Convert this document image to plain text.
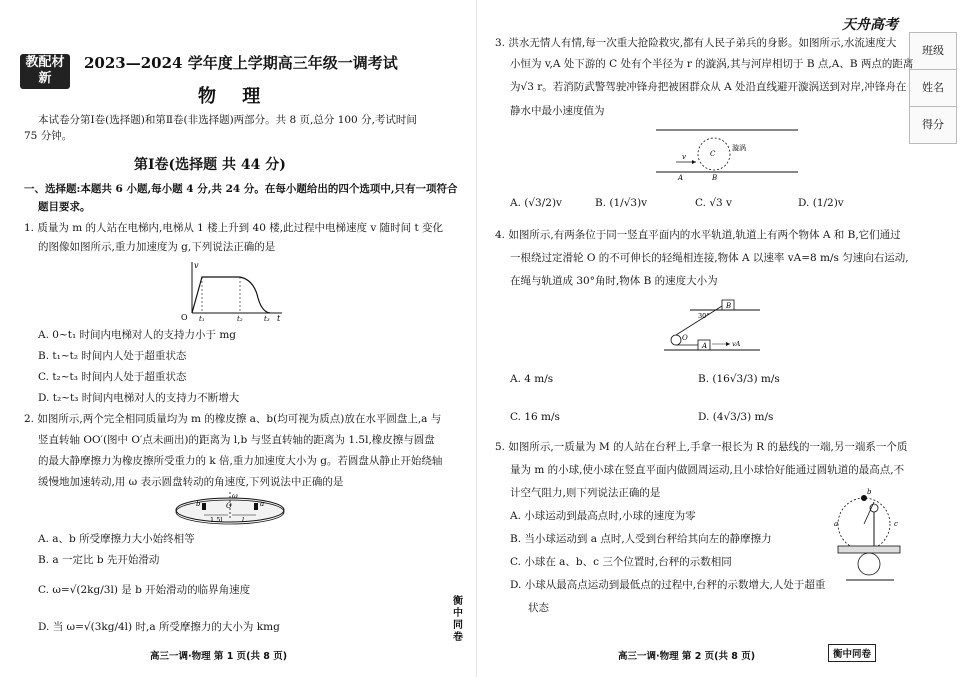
教配材新
2023—2024 学年度上学期高三年级一调考试
物 理
本试卷分第Ⅰ卷(选择题)和第Ⅱ卷(非选择题)两部分。共 8 页,总分 100 分,考试时间
75 分钟。
第Ⅰ卷(选择题 共 44 分)
一、选择题:本题共 6 小题,每小题 4 分,共 24 分。在每小题给出的四个选项中,只有一项符合
题目要求。
1. 质量为 m 的人站在电梯内,电梯从 1 楼上升到 40 楼,此过程中电梯速度 v 随时间 t 变化
的图像如图所示,重力加速度为 g,下列说法正确的是
v
O t₁	t₂	t₃ t
A. 0~t₁ 时间内电梯对人的支持力小于 mg
B. t₁~t₂ 时间内人处于超重状态
C. t₂~t₃ 时间内人处于超重状态
D. t₂~t₃ 时间内电梯对人的支持力不断增大
2. 如图所示,两个完全相同质量均为 m 的橡皮擦 a、b(均可视为质点)放在水平圆盘上,a 与
竖直转轴 OO′(图中 O′点未画出)的距离为 l,b 与竖直转轴的距离为 1.5l,橡皮擦与圆盘
的最大静摩擦力为橡皮擦所受重力的 k 倍,重力加速度大小为 g。若圆盘从静止开始绕轴
缓慢地加速转动,用 ω 表示圆盘转动的角速度,下列说法中正确的是
ω
b	a
O
1.5l	l
A. a、b 所受摩擦力大小始终相等
B. a 一定比 b 先开始滑动
C. ω=√(2kg/3l) 是 b 开始滑动的临界角速度
D. 当 ω=√(3kg/4l) 时,a 所受摩擦力的大小为 kmg
高三一调·物理 第 1 页(共 8 页)
衡中同卷
天舟高考
班级
姓名
得分
3. 洪水无情人有情,每一次重大抢险救灾,都有人民子弟兵的身影。如图所示,水流速度大
小恒为 v,A 处下游的 C 处有个半径为 r 的漩涡,其与河岸相切于 B 点,A、B 两点的距离
为√3 r。若消防武警驾驶冲锋舟把被困群众从 A 处沿直线避开漩涡送到对岸,冲锋舟在
静水中最小速度值为
v	C
漩涡
A	B
A. (√3/2)v	B. (1/√3)v	C. √3 v	D. (1/2)v
4. 如图所示,有两条位于同一竖直平面内的水平轨道,轨道上有两个物体 A 和 B,它们通过
一根绕过定滑轮 O 的不可伸长的轻绳相连接,物体 A 以速率 vA=8 m/s 匀速向右运动,
在绳与轨道成 30°角时,物体 B 的速度大小为
B
30°
O
A	vA
A. 4 m/s	B. (16√3/3) m/s
C. 16 m/s	D. (4√3/3) m/s
5. 如图所示,一质量为 M 的人站在台秤上,手拿一根长为 R 的悬线的一端,另一端系一个质
量为 m 的小球,使小球在竖直平面内做圆周运动,且小球恰好能通过圆轨道的最高点,不
计空气阻力,则下列说法正确的是
a
b
c
A. 小球运动到最高点时,小球的速度为零
B. 当小球运动到 a 点时,人受到台秤给其向左的静摩擦力
C. 小球在 a、b、c 三个位置时,台秤的示数相同
D. 小球从最高点运动到最低点的过程中,台秤的示数增大,人处于超重
状态
高三一调·物理 第 2 页(共 8 页)	衡中同卷
